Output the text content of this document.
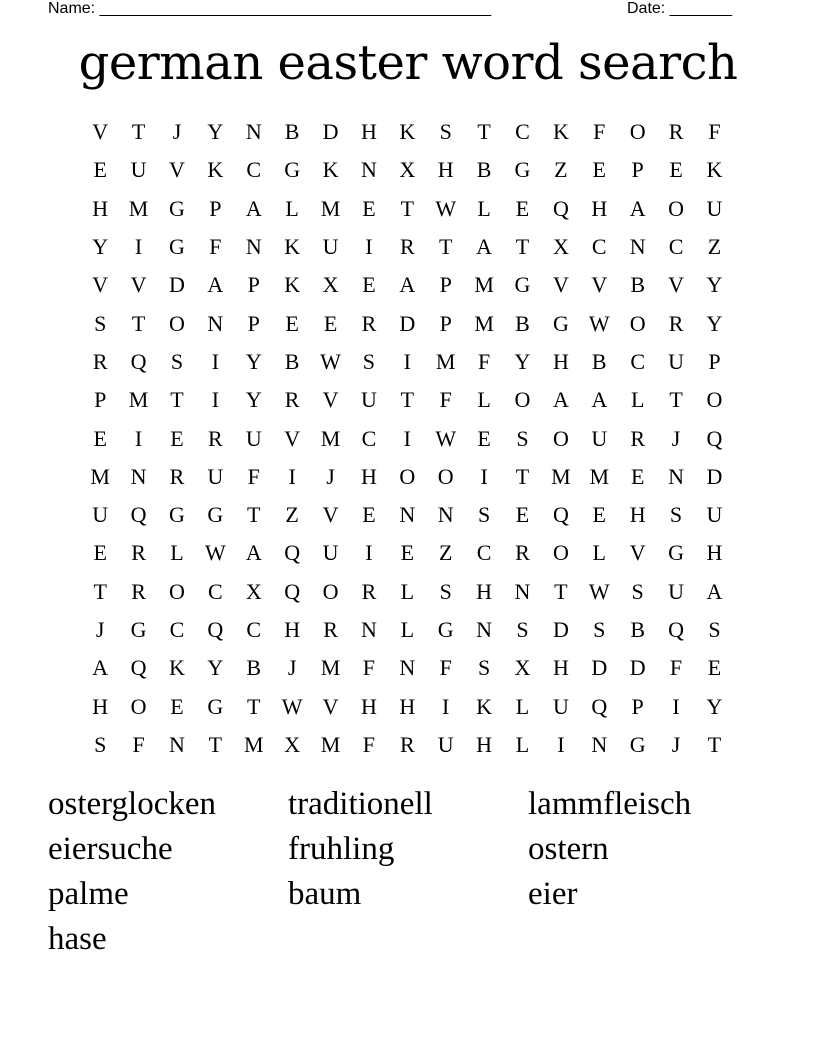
Name: ____________________________________________	Date: _______
german easter word search
V	T	J	Y	N	B	D	H	K	S	T	C	K	F	O	R	F
E	U	V	K	C	G	K	N	X	H	B	G	Z	E	P	E	K
H M G	P	A	L M E	T W L	E	Q	H	A	O	U
Y	I	G	F	N	K	U	I	R	T	A	T	X	C	N	C	Z
V	V	D	A	P	K	X	E	A	P	M G	V	V	B	V	Y
S	T	O	N	P	E	E	R	D	P	M B	G W O	R	Y
R	Q	S	I	Y	B W S	I	M	F	Y	H	B	C	U	P
P	M T	I	Y	R	V	U	T	F	L	O	A	A	L	T	O
E	I	E	R	U	V M C	I	W E	S	O	U	R	J	Q
M N	R	U	F	I	J	H	O	O	I	T M M E	N	D
U	Q	G	G	T	Z	V	E	N	N	S	E	Q	E	H	S	U
E	R	L W A	Q	U	I	E	Z	C	R	O	L	V	G	H
T	R	O	C	X	Q	O	R	L	S	H	N	T W S	U	A
J	G	C	Q	C	H	R	N	L	G	N	S	D	S	B	Q	S
A	Q	K	Y	B	J	M	F	N	F	S	X	H	D	D	F	E
H	O	E	G	T W V	H	H	I	K	L	U	Q	P	I	Y
S	F	N	T M X M	F	R	U	H	L	I	N	G	J	T
osterglocken	traditionell	lammfleisch
eiersuche	fruhling	ostern
palme	baum	eier
hase
